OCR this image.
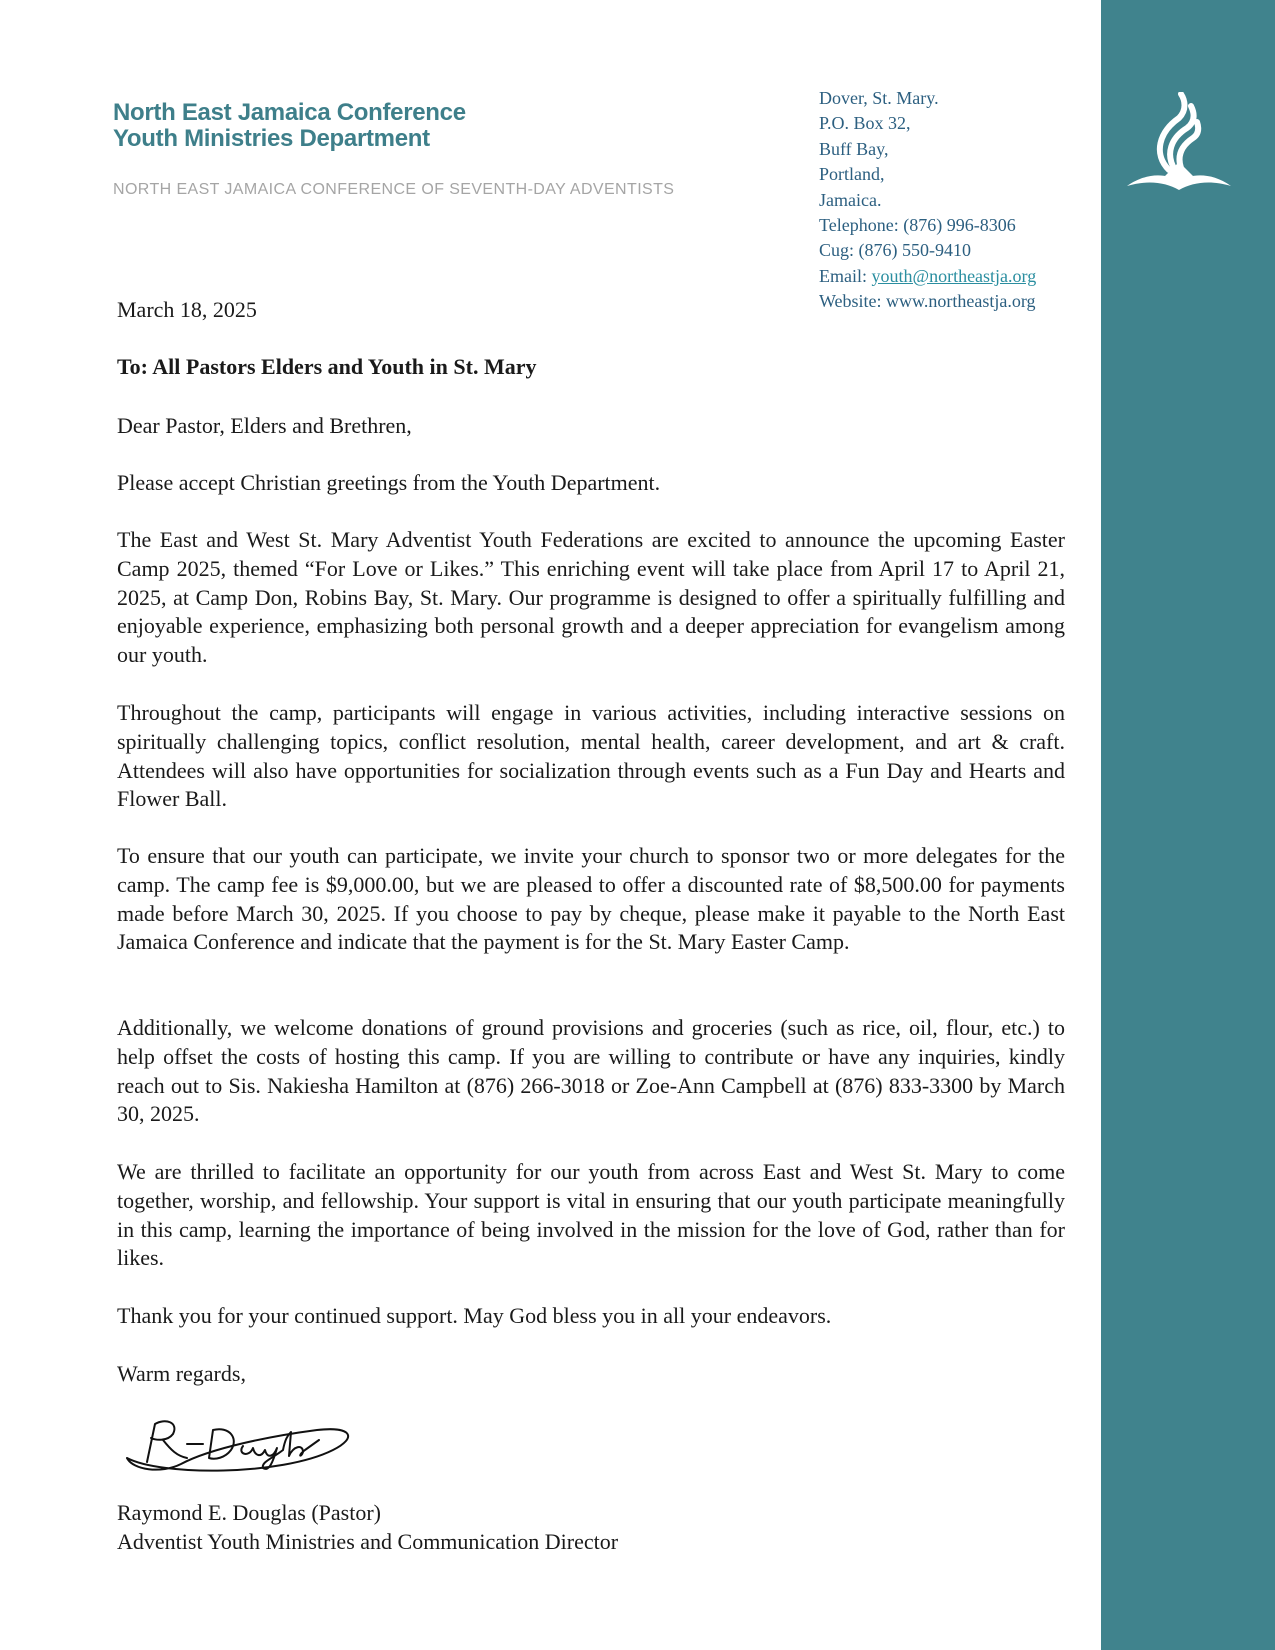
North East Jamaica Conference
Youth Ministries Department

NORTH EAST JAMAICA CONFERENCE OF SEVENTH-DAY ADVENTISTS

Dover, St. Mary.
P.O. Box 32,
Buff Bay,
Portland,
Jamaica.
Telephone: (876) 996-8306
Cug: (876) 550-9410
Email: youth@northeastja.org
Website: www.northeastja.org

March 18, 2025

To: All Pastors Elders and Youth in St. Mary

Dear Pastor, Elders and Brethren,

Please accept Christian greetings from the Youth Department.

The East and West St. Mary Adventist Youth Federations are excited to announce the upcoming Easter Camp 2025, themed “For Love or Likes.” This enriching event will take place from April 17 to April 21, 2025, at Camp Don, Robins Bay, St. Mary. Our programme is designed to offer a spiritually fulfilling and enjoyable experience, emphasizing both personal growth and a deeper appreciation for evangelism among our youth.

Throughout the camp, participants will engage in various activities, including interactive sessions on spiritually challenging topics, conflict resolution, mental health, career development, and art & craft. Attendees will also have opportunities for socialization through events such as a Fun Day and Hearts and Flower Ball.

To ensure that our youth can participate, we invite your church to sponsor two or more delegates for the camp. The camp fee is $9,000.00, but we are pleased to offer a discounted rate of $8,500.00 for payments made before March 30, 2025. If you choose to pay by cheque, please make it payable to the North East Jamaica Conference and indicate that the payment is for the St. Mary Easter Camp.

Additionally, we welcome donations of ground provisions and groceries (such as rice, oil, flour, etc.) to help offset the costs of hosting this camp. If you are willing to contribute or have any inquiries, kindly reach out to Sis. Nakiesha Hamilton at (876) 266-3018 or Zoe-Ann Campbell at (876) 833-3300 by March 30, 2025.

We are thrilled to facilitate an opportunity for our youth from across East and West St. Mary to come together, worship, and fellowship. Your support is vital in ensuring that our youth participate meaningfully in this camp, learning the importance of being involved in the mission for the love of God, rather than for likes.

Thank you for your continued support. May God bless you in all your endeavors.

Warm regards,

Raymond E. Douglas (Pastor)

Adventist Youth Ministries and Communication Director
